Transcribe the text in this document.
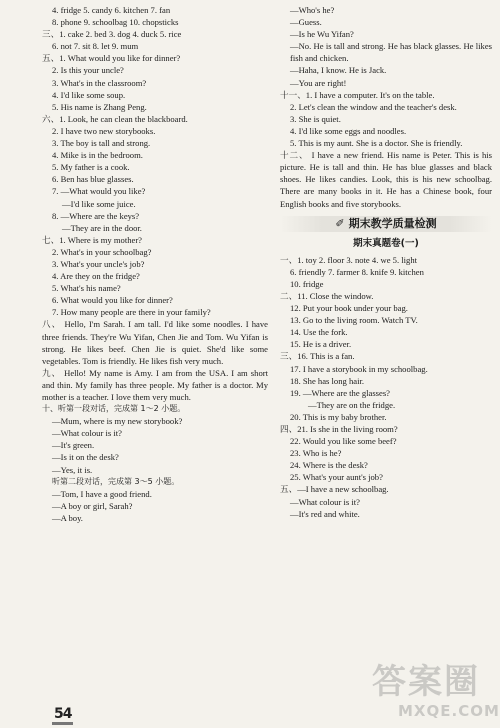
4. fridge 5. candy 6. kitchen 7. fan
8. phone 9. schoolbag 10. chopsticks
三、1. cake 2. bed 3. dog 4. duck 5. rice
6. not 7. sit 8. let 9. mum
五、1. What would you like for dinner?
2. Is this your uncle?
3. What's in the classroom?
4. I'd like some soup.
5. His name is Zhang Peng.
六、1. Look, he can clean the blackboard.
2. I have two new storybooks.
3. The boy is tall and strong.
4. Mike is in the bedroom.
5. My father is a cook.
6. Ben has blue glasses.
7. —What would you like?
—I'd like some juice.
8. —Where are the keys?
—They are in the door.
七、1. Where is my mother?
2. What's in your schoolbag?
3. What's your uncle's job?
4. Are they on the fridge?
5. What's his name?
6. What would you like for dinner?
7. How many people are there in your family?
八、 Hello, I'm Sarah. I am tall. I'd like some noodles. I have three friends. They're Wu Yifan, Chen Jie and Tom. Wu Yifan is strong. He likes beef. Chen Jie is quiet. She'd like some vegetables. Tom is friendly. He likes fish very much.
九、 Hello! My name is Amy. I am from the USA. I am short and thin. My family has three people. My father is a doctor. My mother is a teacher. I love them very much.
十、听第一段对话，完成第 1～2 小题。
—Mum, where is my new storybook?
—What colour is it?
—It's green.
—Is it on the desk?
—Yes, it is.
听第二段对话，完成第 3～5 小题。
—Tom, I have a good friend.
—A boy or girl, Sarah?
—A boy.
—Who's he?
—Guess.
—Is he Wu Yifan?
—No. He is tall and strong. He has black glasses. He likes fish and chicken.
—Haha, I know. He is Jack.
—You are right!
十一、1. I have a computer. It's on the table.
2. Let's clean the window and the teacher's desk.
3. She is quiet.
4. I'd like some eggs and noodles.
5. This is my aunt. She is a doctor. She is friendly.
十二、 I have a new friend. His name is Peter. This is his picture. He is tall and thin. He has blue glasses and black shoes. He likes candies. Look, this is his new schoolbag. There are many books in it. He has a Chinese book, four English books and five storybooks.
✐ 期末教学质量检测
期末真题卷(一)
一、1. toy 2. floor 3. note 4. we 5. light
6. friendly 7. farmer 8. knife 9. kitchen
10. fridge
二、11. Close the window.
12. Put your book under your bag.
13. Go to the living room. Watch TV.
14. Use the fork.
15. He is a driver.
三、16. This is a fan.
17. I have a storybook in my schoolbag.
18. She has long hair.
19. —Where are the glasses?
—They are on the fridge.
20. This is my baby brother.
四、21. Is she in the living room?
22. Would you like some beef?
23. Who is he?
24. Where is the desk?
25. What's your aunt's job?
五、—I have a new schoolbag.
—What colour is it?
—It's red and white.
54
答案圈
MXQE.COM
